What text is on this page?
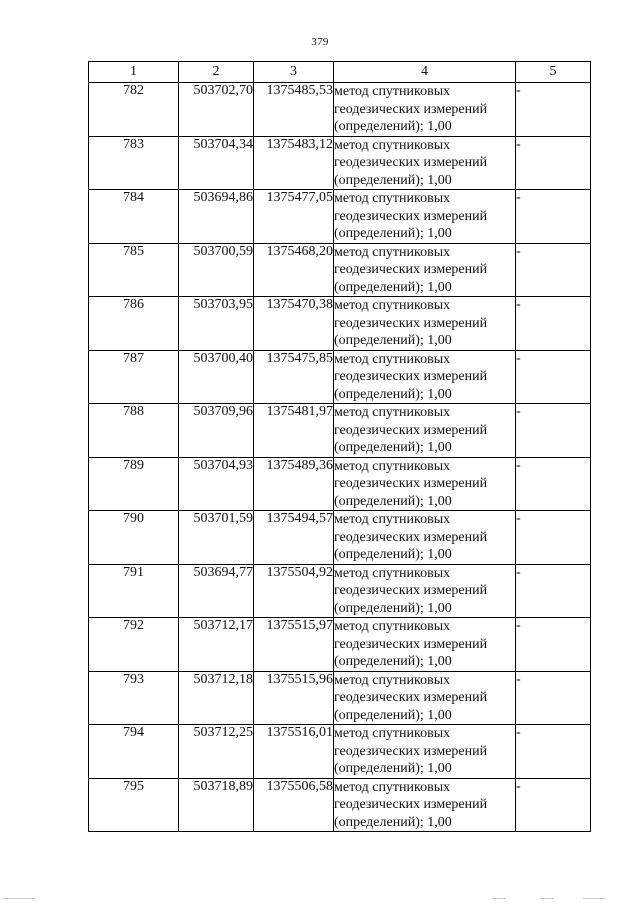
379
1	2	3	4	5
782	503702,70	1375485,53	метод спутниковых
геодезических измерений
(определений); 1,00	-
783	503704,34	1375483,12	метод спутниковых
геодезических измерений
(определений); 1,00	-
784	503694,86	1375477,05	метод спутниковых
геодезических измерений
(определений); 1,00	-
785	503700,59	1375468,20	метод спутниковых
геодезических измерений
(определений); 1,00	-
786	503703,95	1375470,38	метод спутниковых
геодезических измерений
(определений); 1,00	-
787	503700,40	1375475,85	метод спутниковых
геодезических измерений
(определений); 1,00	-
788	503709,96	1375481,97	метод спутниковых
геодезических измерений
(определений); 1,00	-
789	503704,93	1375489,36	метод спутниковых
геодезических измерений
(определений); 1,00	-
790	503701,59	1375494,57	метод спутниковых
геодезических измерений
(определений); 1,00	-
791	503694,77	1375504,92	метод спутниковых
геодезических измерений
(определений); 1,00	-
792	503712,17	1375515,97	метод спутниковых
геодезических измерений
(определений); 1,00	-
793	503712,18	1375515,96	метод спутниковых
геодезических измерений
(определений); 1,00	-
794	503712,25	1375516,01	метод спутниковых
геодезических измерений
(определений); 1,00	-
795	503718,89	1375506,58	метод спутниковых
геодезических измерений
(определений); 1,00	-
